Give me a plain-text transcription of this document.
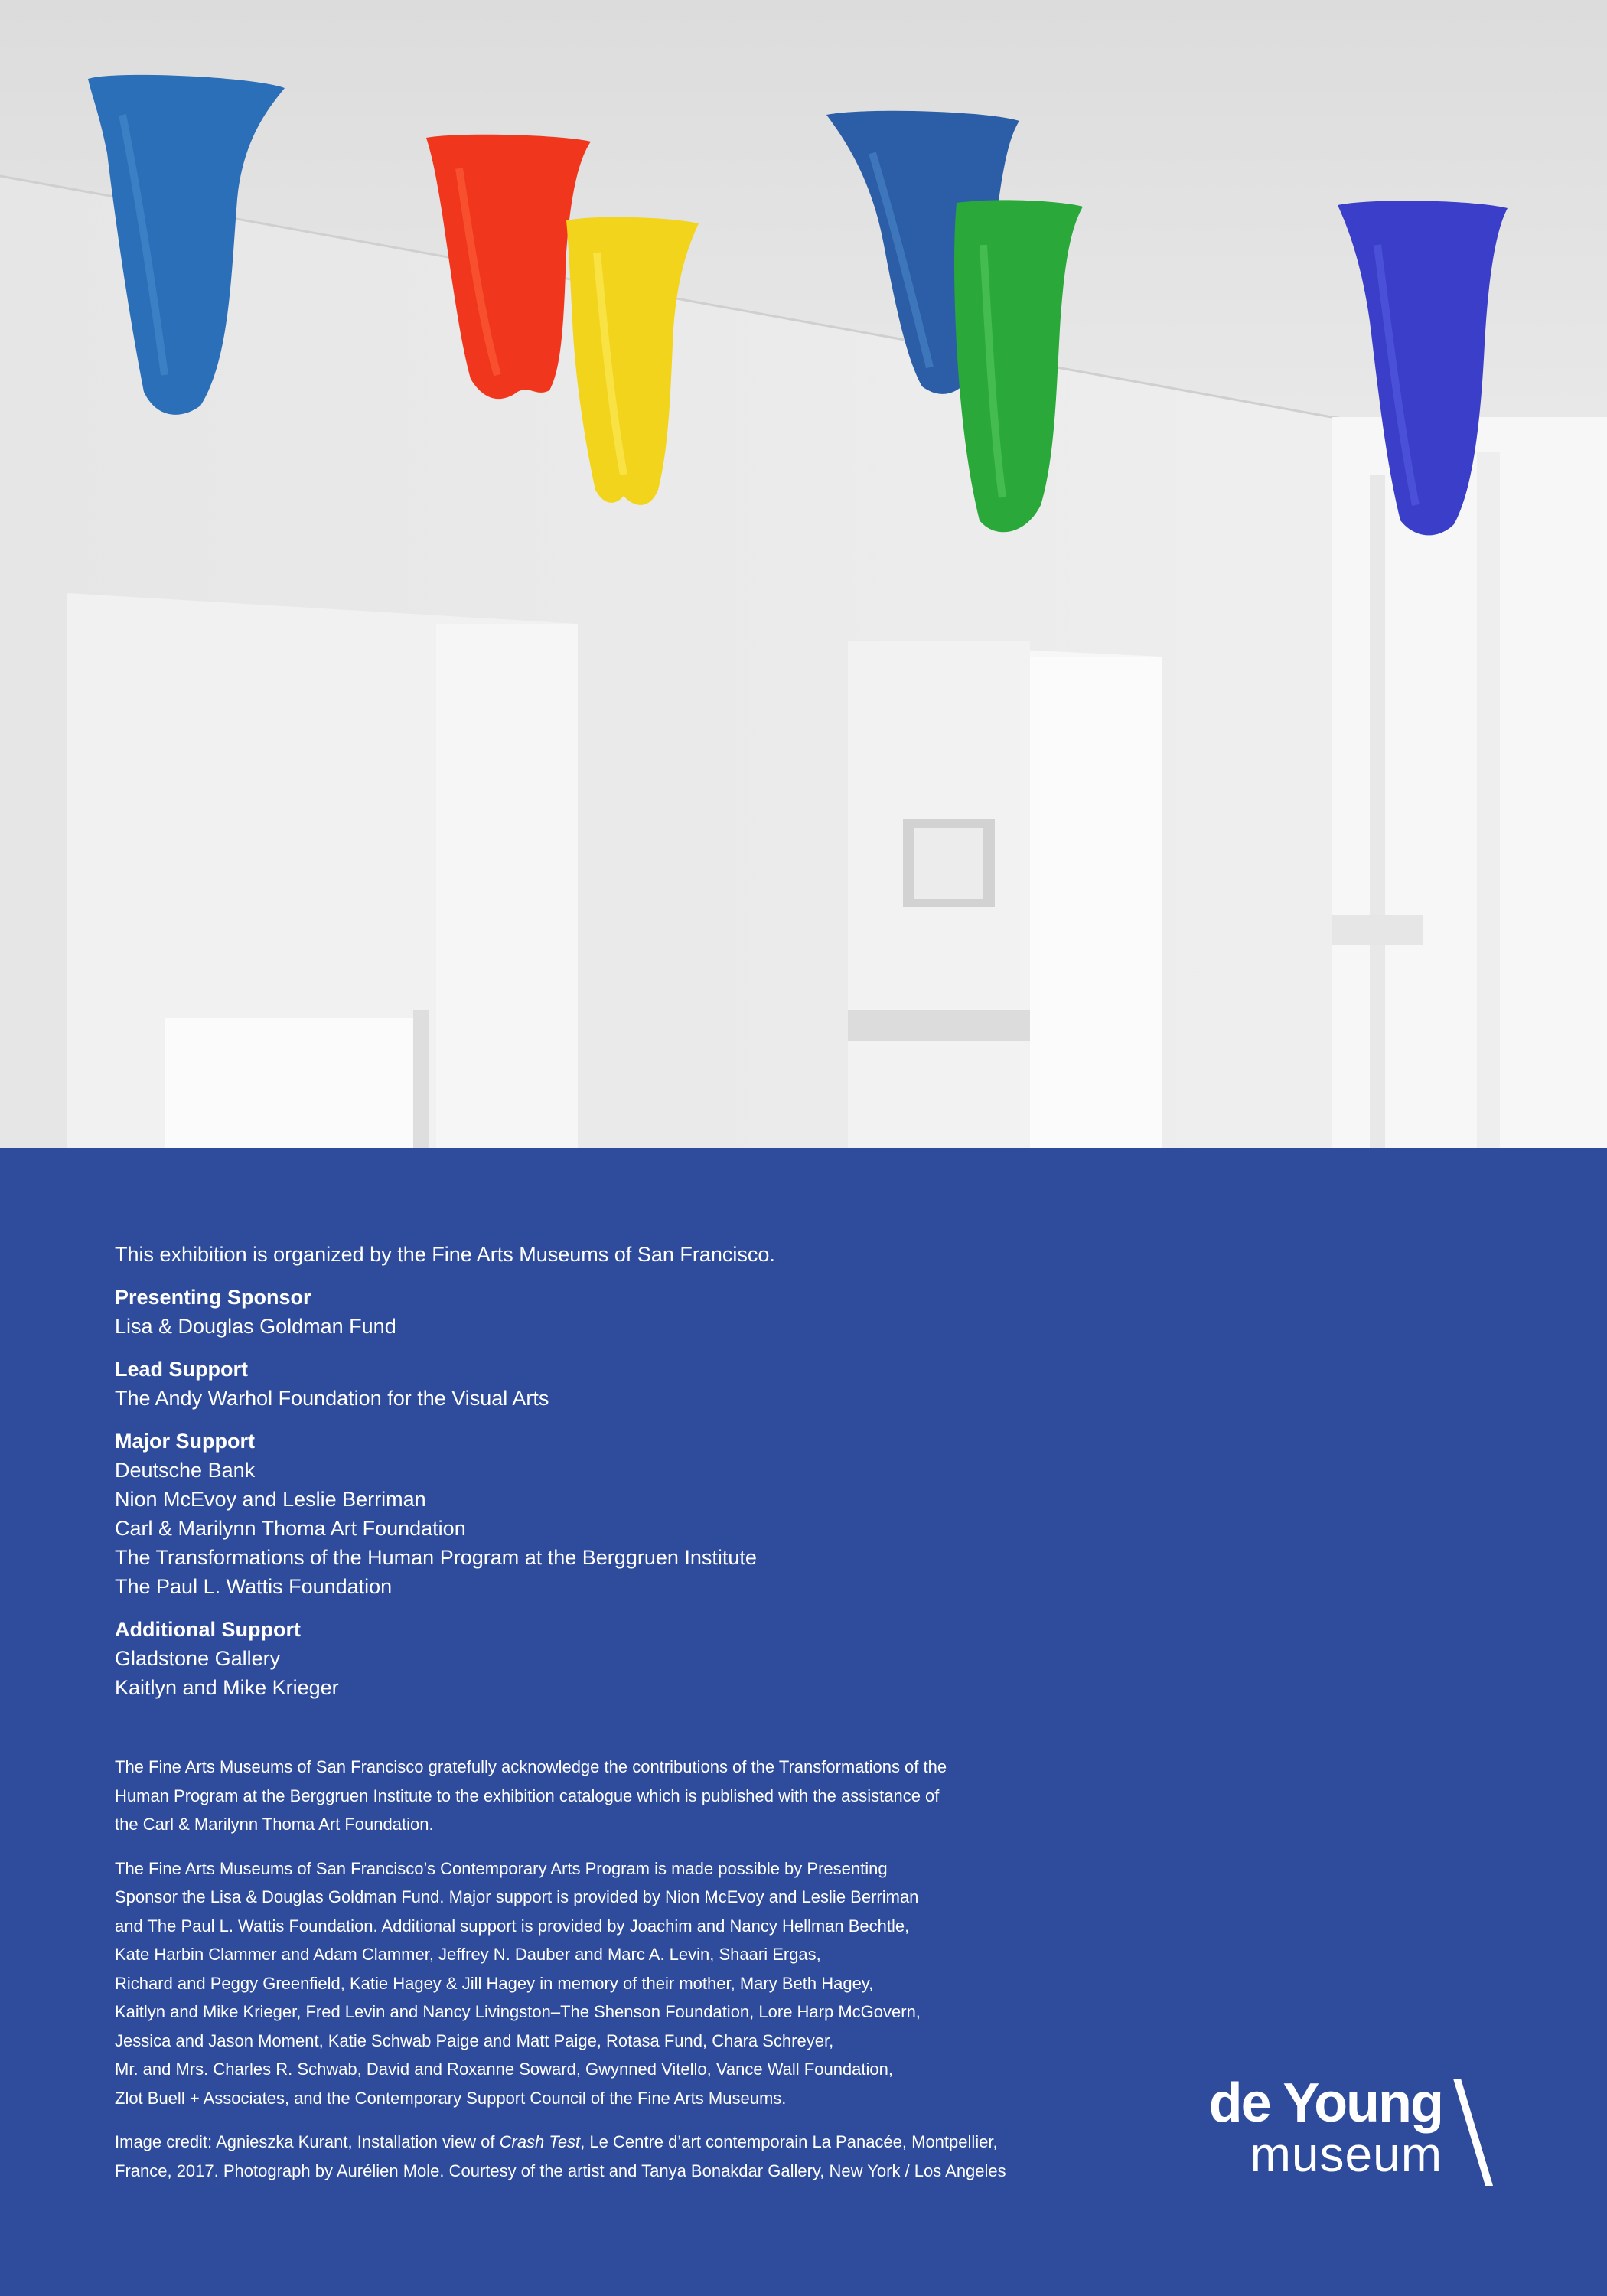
This exhibition is organized by the Fine Arts Museums of San Francisco.

Presenting Sponsor
Lisa & Douglas Goldman Fund
Lead Support
The Andy Warhol Foundation for the Visual Arts
Major Support
Deutsche Bank
Nion McEvoy and Leslie Berriman
Carl & Marilynn Thoma Art Foundation
The Transformations of the Human Program at the Berggruen Institute
The Paul L. Wattis Foundation
Additional Support
Gladstone Gallery
Kaitlyn and Mike Krieger

The Fine Arts Museums of San Francisco gratefully acknowledge the contributions of the Transformations of the
Human Program at the Berggruen Institute to the exhibition catalogue which is published with the assistance of
the Carl & Marilynn Thoma Art Foundation.

The Fine Arts Museums of San Francisco’s Contemporary Arts Program is made possible by Presenting
Sponsor the Lisa & Douglas Goldman Fund. Major support is provided by Nion McEvoy and Leslie Berriman
and The Paul L. Wattis Foundation. Additional support is provided by Joachim and Nancy Hellman Bechtle,
Kate Harbin Clammer and Adam Clammer, Jeffrey N. Dauber and Marc A. Levin, Shaari Ergas,
Richard and Peggy Greenfield, Katie Hagey & Jill Hagey in memory of their mother, Mary Beth Hagey,
Kaitlyn and Mike Krieger, Fred Levin and Nancy Livingston–The Shenson Foundation, Lore Harp McGovern,
Jessica and Jason Moment, Katie Schwab Paige and Matt Paige, Rotasa Fund, Chara Schreyer,
Mr. and Mrs. Charles R. Schwab, David and Roxanne Soward, Gwynned Vitello, Vance Wall Foundation,
Zlot Buell + Associates, and the Contemporary Support Council of the Fine Arts Museums.

Image credit: Agnieszka Kurant, Installation view of Crash Test, Le Centre d’art contemporain La Panacée, Montpellier,
France, 2017. Photograph by Aurélien Mole. Courtesy of the artist and Tanya Bonakdar Gallery, New York / Los Angeles

de Young
museum
